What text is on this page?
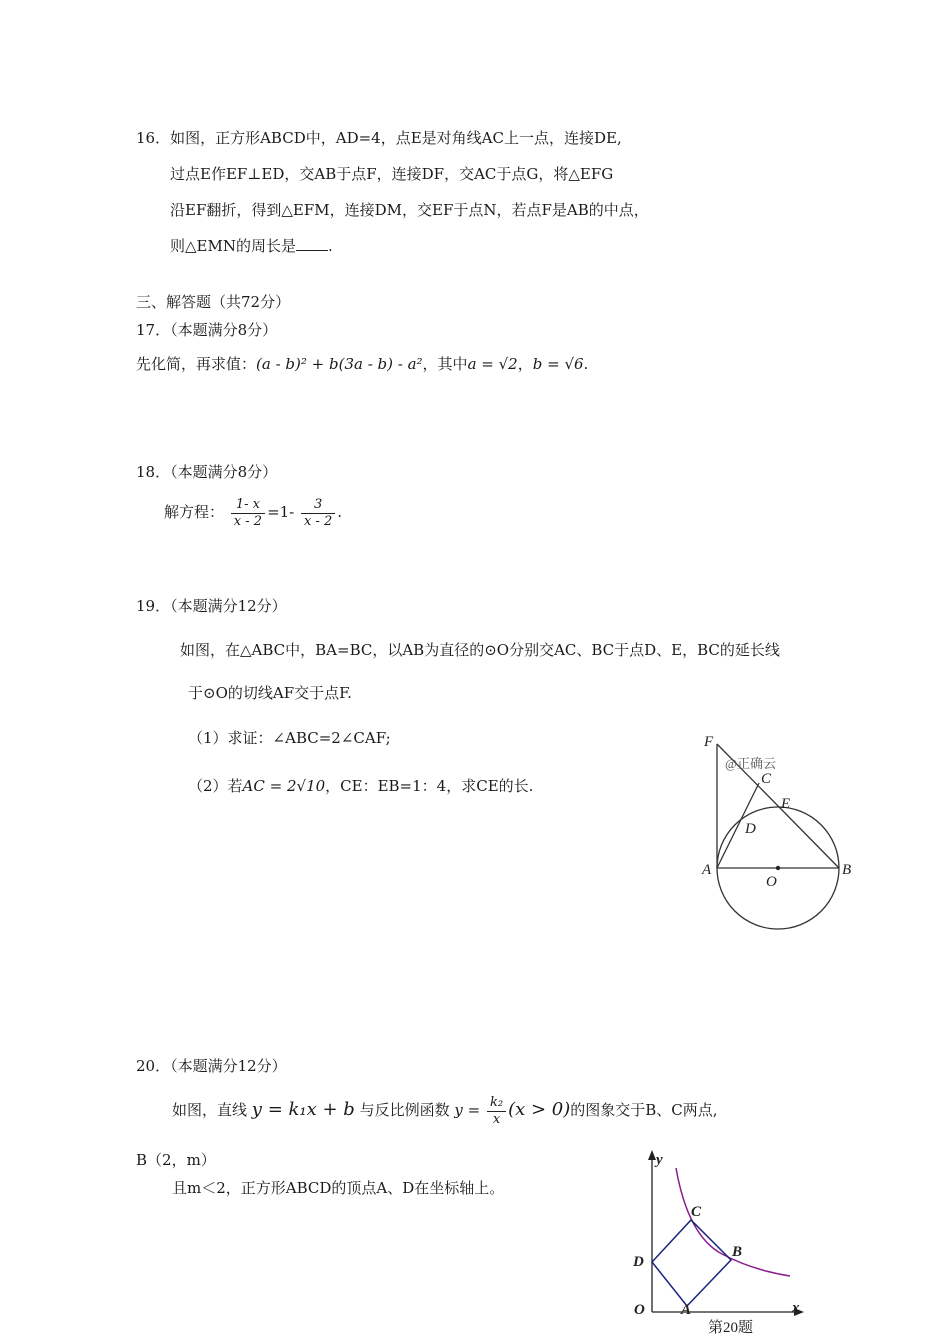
16．如图，正方形ABCD中，AD=4，点E是对角线AC上一点，连接DE,
过点E作EF⊥ED，交AB于点F，连接DF，交AC于点G，将△EFG
沿EF翻折，得到△EFM，连接DM，交EF于点N，若点F是AB的中点，
则△EMN的周长是 .
三、解答题（共72分）
17．（本题满分8分）
先化简，再求值：(a - b)² + b(3a - b) - a²，其中a = √2，b = √6.
18．（本题满分8分）
解方程： $\frac{1- x}{x - 2} =1- \frac{3}{x - 2}$ .
19．（本题满分12分）
如图，在△ABC中，BA=BC，以AB为直径的⊙O分别交AC、BC于点D、E，BC的延长线
于⊙O的切线AF交于点F.
（1）求证：∠ABC=2∠CAF;
（2）若AC = 2√10，CE：EB=1：4，求CE的长.
F
C
E
D
A
O
B
@正确云
20．（本题满分12分）
如图，直线 y = k₁x + b 与反比例函数 $y = \frac{\text{k₂}}{x} (x > 0)$的图象交于B、C两点,
B（2，m）
且m＜2，正方形ABCD的顶点A、D在坐标轴上。
y
x
O A
B
C
D
第20题
